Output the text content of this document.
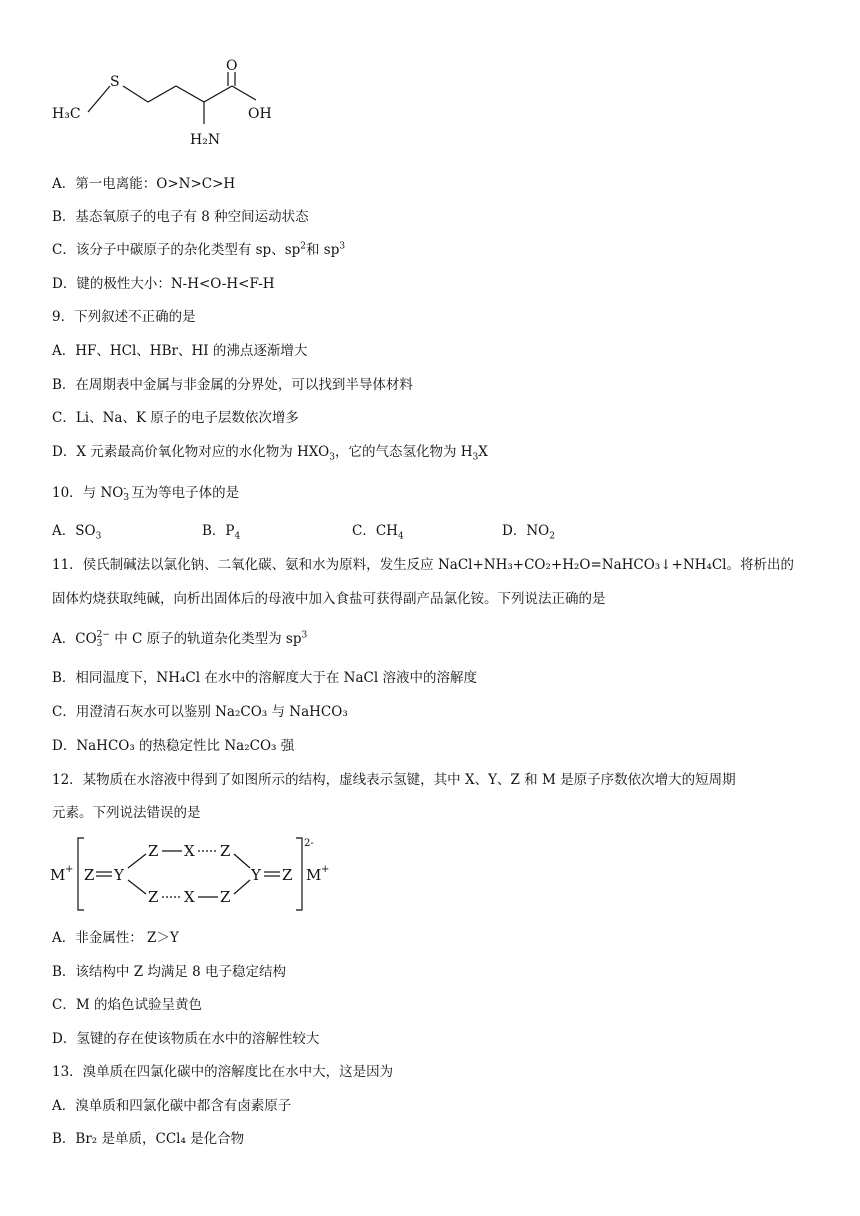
H₃C
S
O
OH
H₂N
A．第一电离能：O>N>C>H
B．基态氧原子的电子有 8 种空间运动状态
C．该分子中碳原子的杂化类型有 sp、$sp^2$和 $sp^3$
D．键的极性大小：N-H<O-H<F-H
9．下列叙述不正确的是
A．HF、HCl、HBr、HI 的沸点逐渐增大
B．在周期表中金属与非金属的分界处，可以找到半导体材料
C．Li、Na、K 原子的电子层数依次增多
D．X 元素最高价氧化物对应的水化物为 $HXO_3$，它的气态氢化物为 $H_3X$
10．与 NO -
3 互为等电子体的是
A．$SO_3$	B．$P_4$	C．$CH_4$	D．$NO_2$
11．侯氏制碱法以氯化钠、二氧化碳、氨和水为原料，发生反应 NaCl+NH₃+CO₂+H₂O=NaHCO₃↓+NH₄Cl。将析出的
固体灼烧获取纯碱，向析出固体后的母液中加入食盐可获得副产品氯化铵。下列说法正确的是
A．CO 2−
3 中 C 原子的轨道杂化类型为 $sp^3$
B．相同温度下，NH₄Cl 在水中的溶解度大于在 NaCl 溶液中的溶解度
C．用澄清石灰水可以鉴别 Na₂CO₃ 与 NaHCO₃
D．NaHCO₃ 的热稳定性比 Na₂CO₃ 强
12．某物质在水溶液中得到了如图所示的结构，虚线表示氢键，其中 X、Y、Z 和 M 是原子序数依次增大的短周期
元素。下列说法错误的是
M + Z Y
Z X Z
Z X Z
Y Z
2-
M +
A．非金属性： Z＞Y
B．该结构中 Z 均满足 8 电子稳定结构
C．M 的焰色试验呈黄色
D．氢键的存在使该物质在水中的溶解性较大
13．溴单质在四氯化碳中的溶解度比在水中大，这是因为
A．溴单质和四氯化碳中都含有卤素原子
B．Br₂ 是单质，CCl₄ 是化合物
